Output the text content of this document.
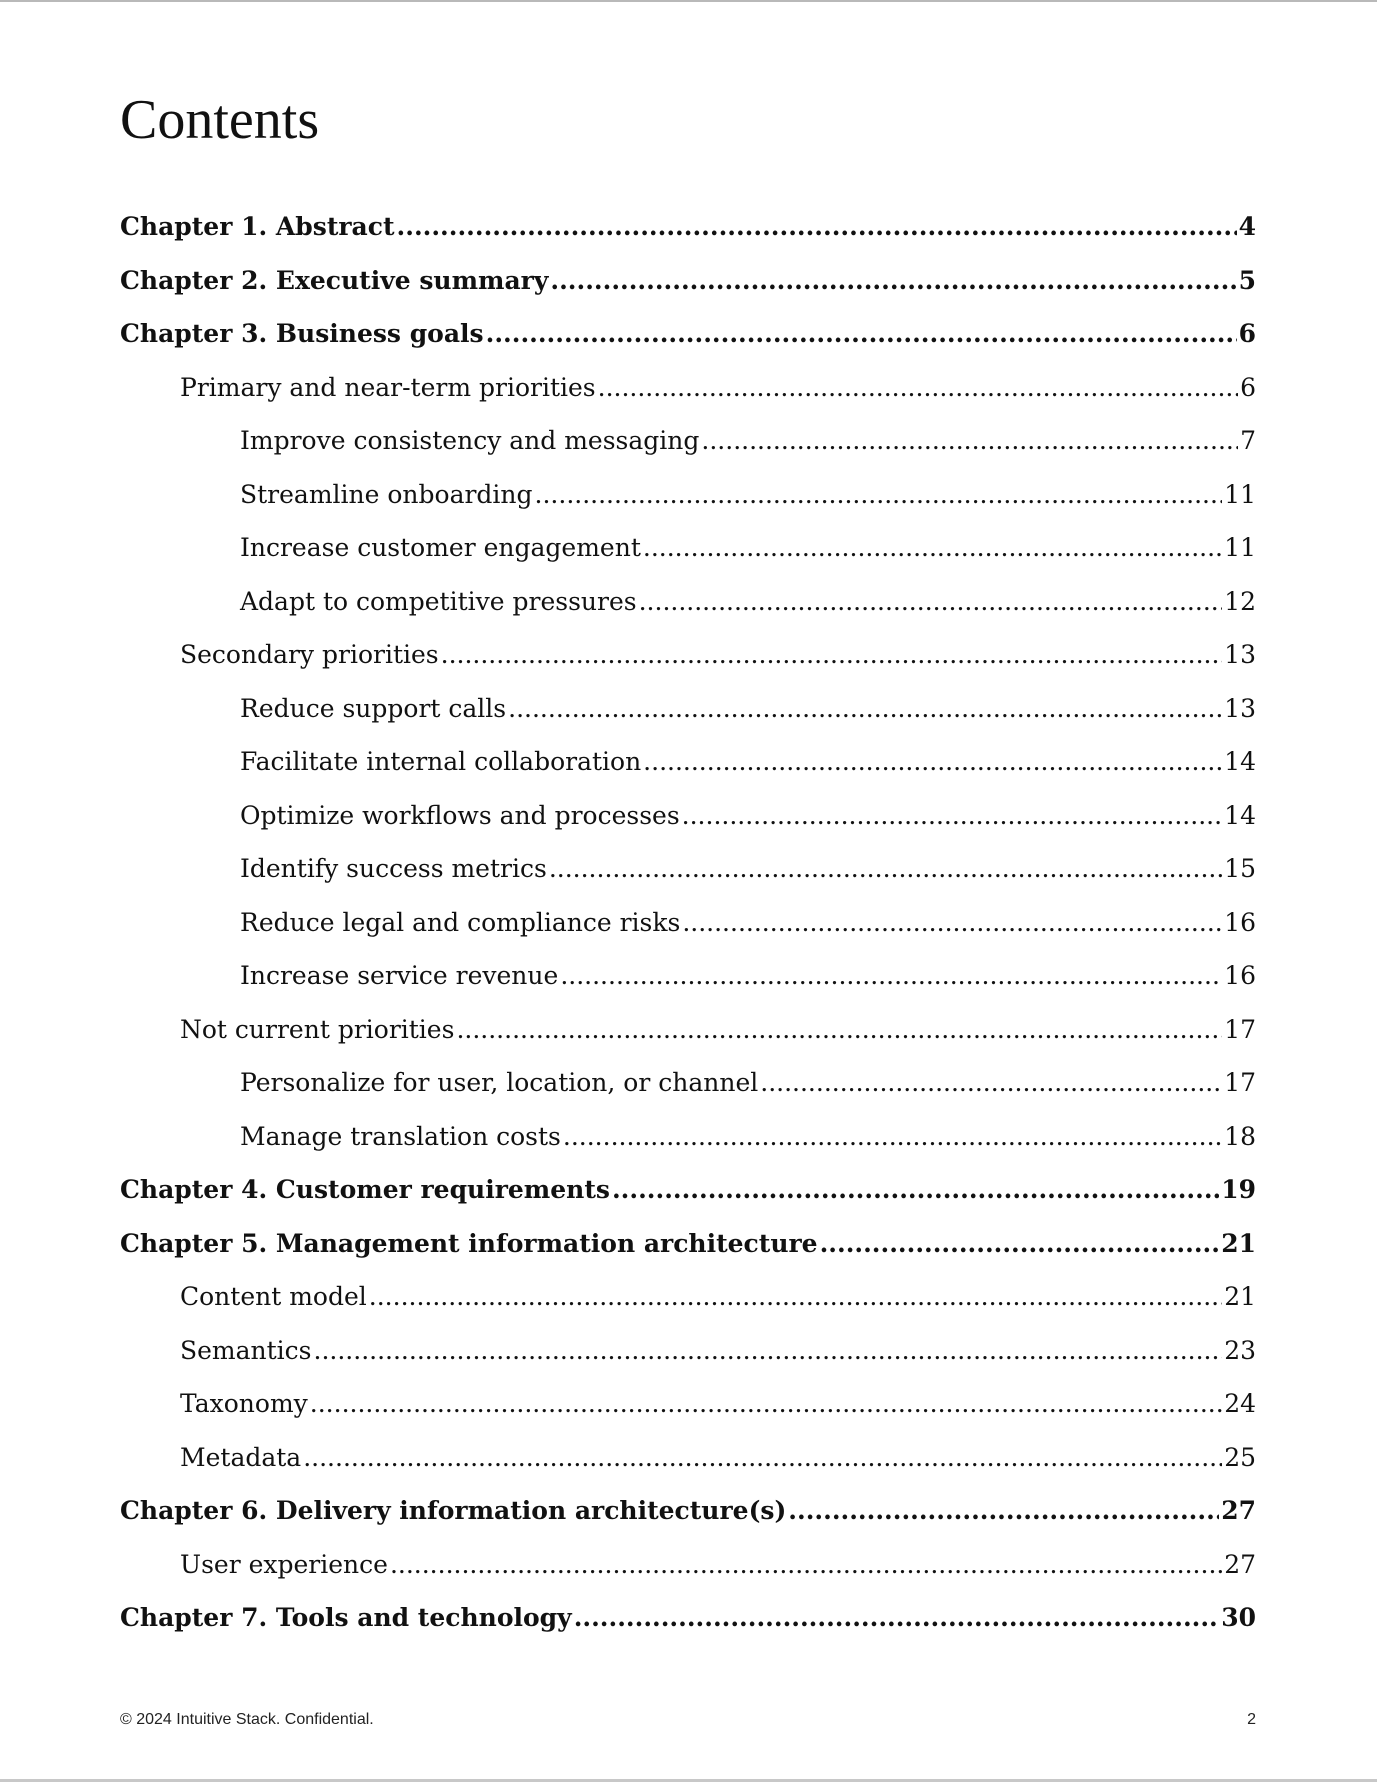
Contents
Chapter 1. Abstract .....	4
Chapter 2. Executive summary .....	5
Chapter 3. Business goals .....	6
Primary and near-term priorities .....	6
Improve consistency and messaging .....	7
Streamline onboarding .....	11
Increase customer engagement .....	11
Adapt to competitive pressures .....	12
Secondary priorities .....	13
Reduce support calls .....	13
Facilitate internal collaboration .....	14
Optimize workflows and processes .....	14
Identify success metrics .....	15
Reduce legal and compliance risks .....	16
Increase service revenue .....	16
Not current priorities .....	17
Personalize for user, location, or channel .....	17
Manage translation costs .....	18
Chapter 4. Customer requirements .....	19
Chapter 5. Management information architecture .....	21
Content model .....	21
Semantics .....	23
Taxonomy .....	24
Metadata .....	25
Chapter 6. Delivery information architecture(s) .....	27
User experience .....	27
Chapter 7. Tools and technology .....	30
© 2024 Intuitive Stack. Confidential.	2
